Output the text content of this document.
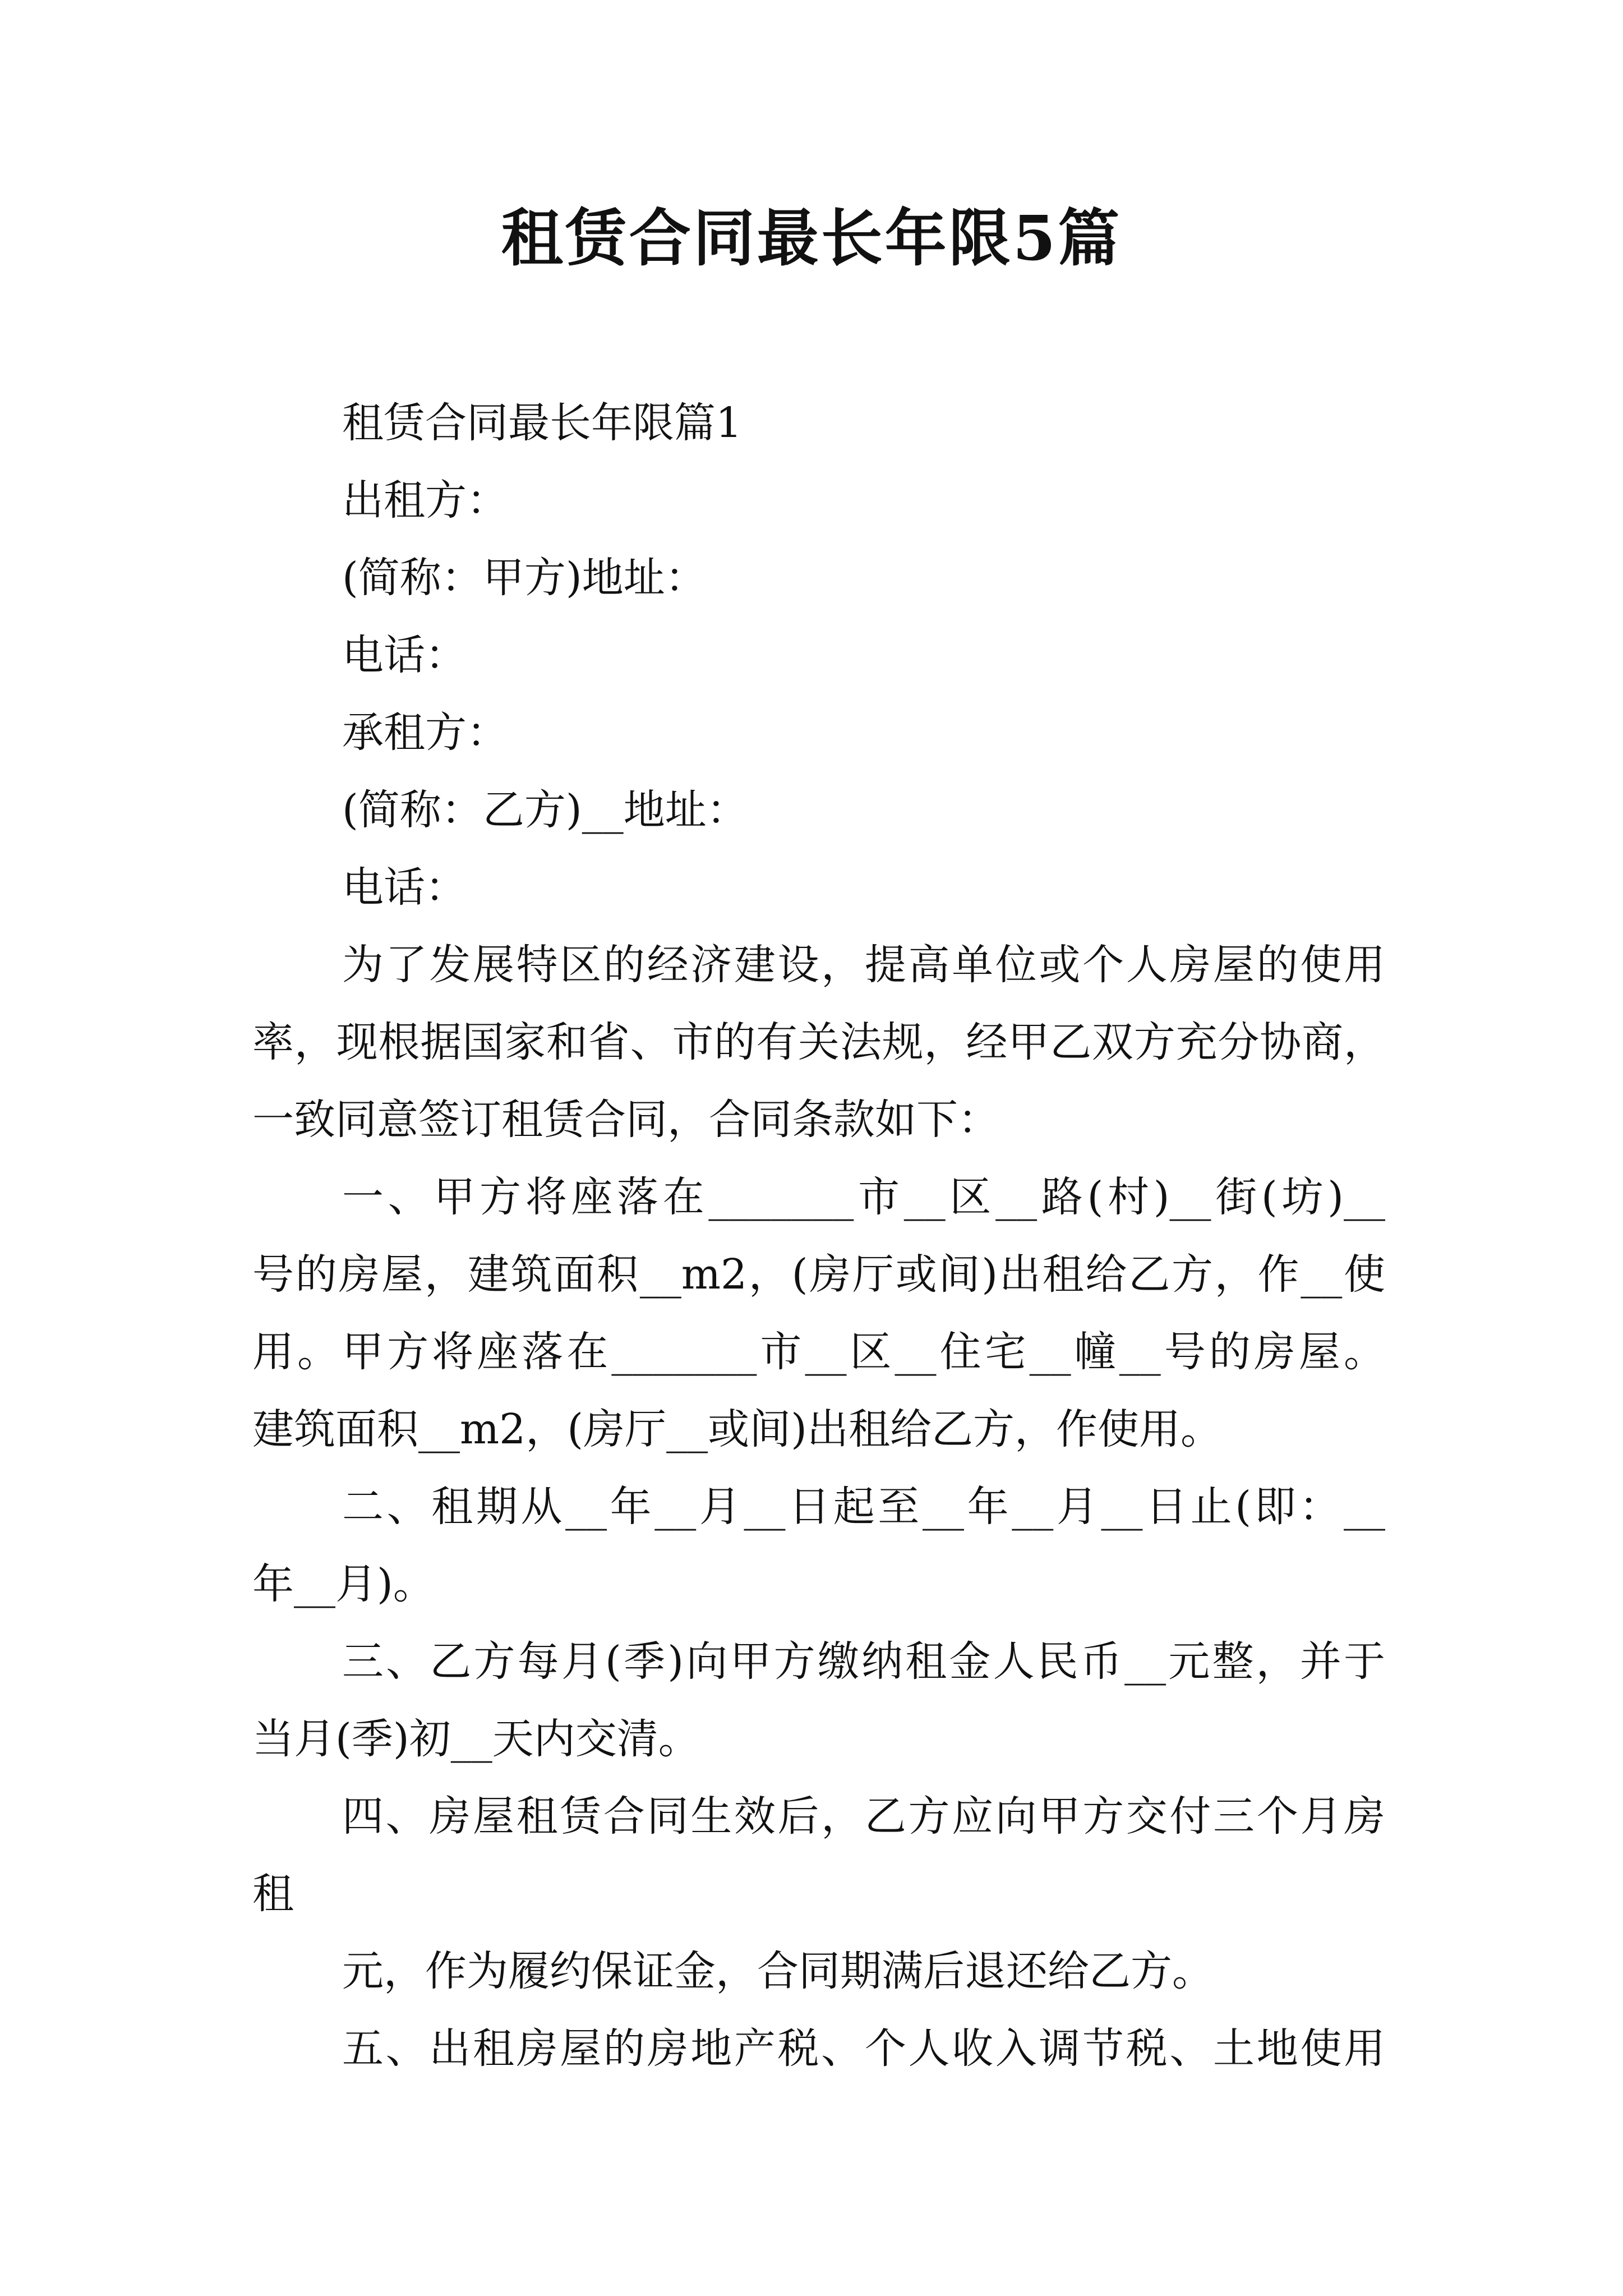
租赁合同最长年限5篇
租赁合同最长年限篇1
出租方：
(简称：甲方)地址：
电话：
承租方：
(简称：乙方)__地址：
电话：
为了发展特区的经济建设，提高单位或个人房屋的使用
率，现根据国家和省、市的有关法规，经甲乙双方充分协商，
一致同意签订租赁合同，合同条款如下：
一、甲方将座落在_______市__区__路(村)__街(坊)__
号的房屋，建筑面积__m2，(房厅或间)出租给乙方，作__使
用。甲方将座落在_______市__区__住宅__幢__号的房屋。
建筑面积__m2，(房厅__或间)出租给乙方，作使用。
二、租期从__年__月__日起至__年__月__日止(即：__
年__月)。
三、乙方每月(季)向甲方缴纳租金人民币__元整，并于
当月(季)初__天内交清。
四、房屋租赁合同生效后，乙方应向甲方交付三个月房
租
元，作为履约保证金，合同期满后退还给乙方。
五、出租房屋的房地产税、个人收入调节税、土地使用
